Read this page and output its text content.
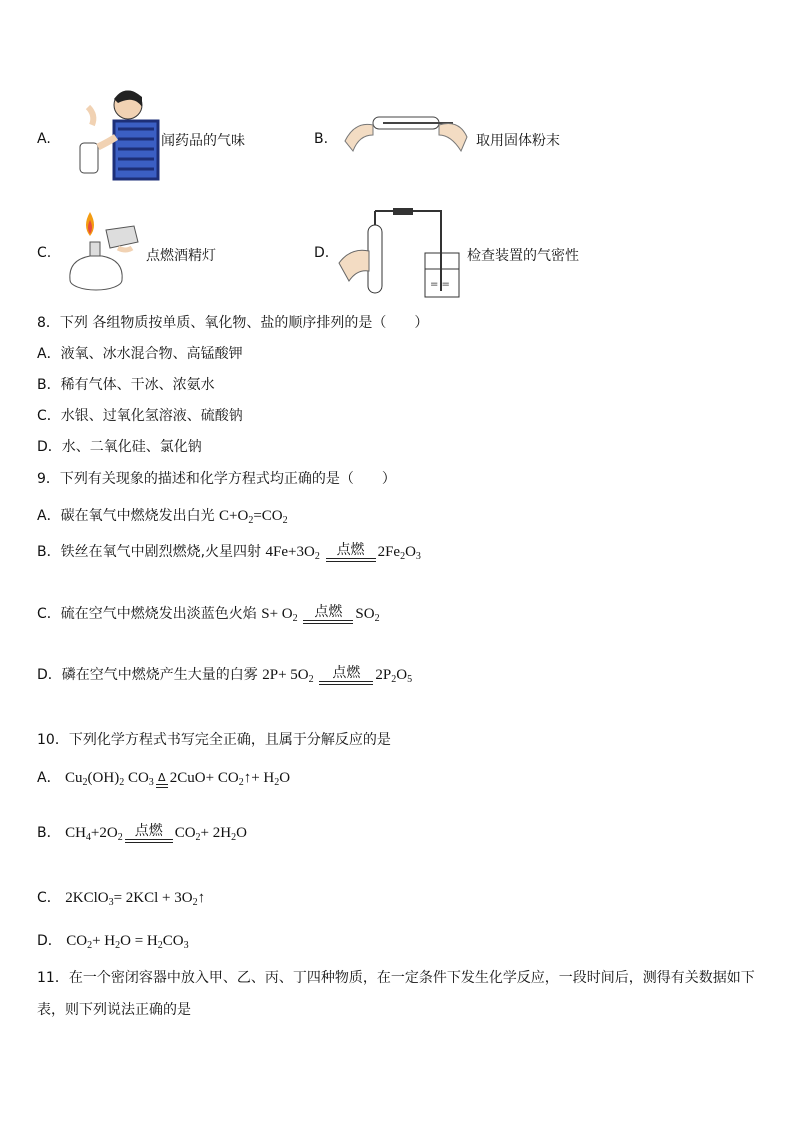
A.	闻药品的气味	B.	取用固体粉末
C.	点燃酒精灯	D.
= =
检查装置的气密性
8．下列 各组物质按单质、氧化物、盐的顺序排列的是（　　）
A．液氧、冰水混合物、高锰酸钾
B．稀有气体、干冰、浓氨水
C．水银、过氧化氢溶液、硫酸钠
D．水、二氧化硅、氯化钠
9．下列有关现象的描述和化学方程式均正确的是（　　）
A．碳在氧气中燃烧发出白光 $C+O_2=CO_2$
B．铁丝在氧气中剧烈燃烧,火星四射 $4Fe+3O_2$	点燃 $2Fe_2O_3$
C．硫在空气中燃烧发出淡蓝色火焰 $S+ O_2$	点燃 $SO_2$
D．磷在空气中燃烧产生大量的白雾 $2P+ 5O_2$	点燃	$2P_2O_5$
10．下列化学方程式书写完全正确，且属于分解反应的是
A． $Cu_2(OH)_2$ $CO_3$ Δ $2CuO+ CO_2↑+ H_2O$
B． $CH_4+2O_2$ 点燃 $CO_2+ 2H_2O$
C． 2KClO$_3$= $2KCl + 3O_2↑$
D． $CO_2+ H_2O = H_2CO_3$
11．在一个密闭容器中放入甲、乙、丙、丁四种物质，在一定条件下发生化学反应，一段时间后，测得有关数据如下
表，则下列说法正确的是
